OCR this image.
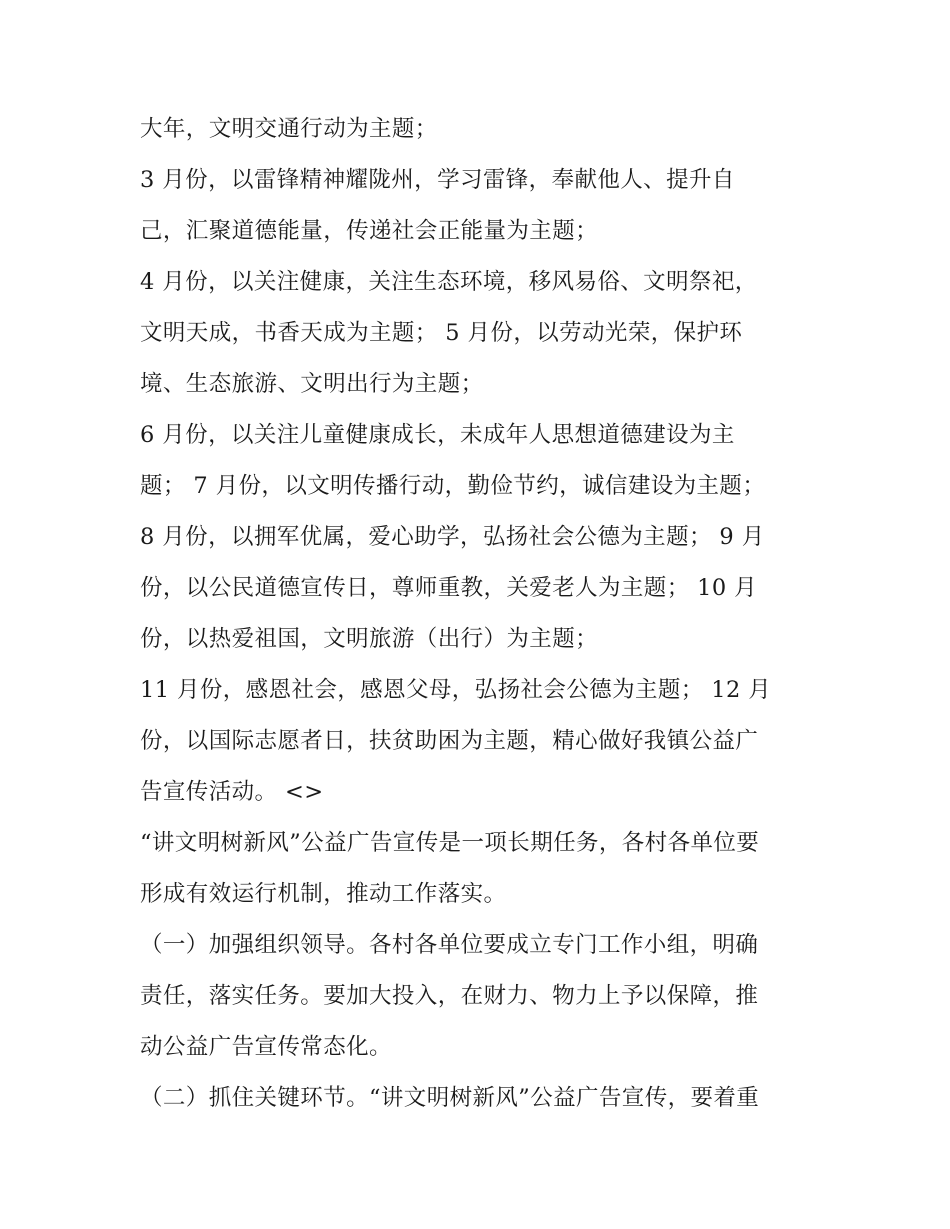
大年，文明交通行动为主题；
3 月份，以雷锋精神耀陇州，学习雷锋，奉献他人、提升自
己，汇聚道德能量，传递社会正能量为主题；
4 月份，以关注健康，关注生态环境，移风易俗、文明祭祀，
文明天成，书香天成为主题； 5 月份，以劳动光荣，保护环
境、生态旅游、文明出行为主题；
6 月份，以关注儿童健康成长，未成年人思想道德建设为主
题； 7 月份，以文明传播行动，勤俭节约，诚信建设为主题；
8 月份，以拥军优属，爱心助学，弘扬社会公德为主题； 9 月
份，以公民道德宣传日，尊师重教，关爱老人为主题； 10 月
份，以热爱祖国，文明旅游（出行）为主题；
11 月份，感恩社会，感恩父母，弘扬社会公德为主题； 12 月
份，以国际志愿者日，扶贫助困为主题，精心做好我镇公益广
告宣传活动。 <>
“讲文明树新风”公益广告宣传是一项长期任务，各村各单位要
形成有效运行机制，推动工作落实。
（一）加强组织领导。各村各单位要成立专门工作小组，明确
责任，落实任务。要加大投入，在财力、物力上予以保障，推
动公益广告宣传常态化。
（二）抓住关键环节。“讲文明树新风”公益广告宣传，要着重
